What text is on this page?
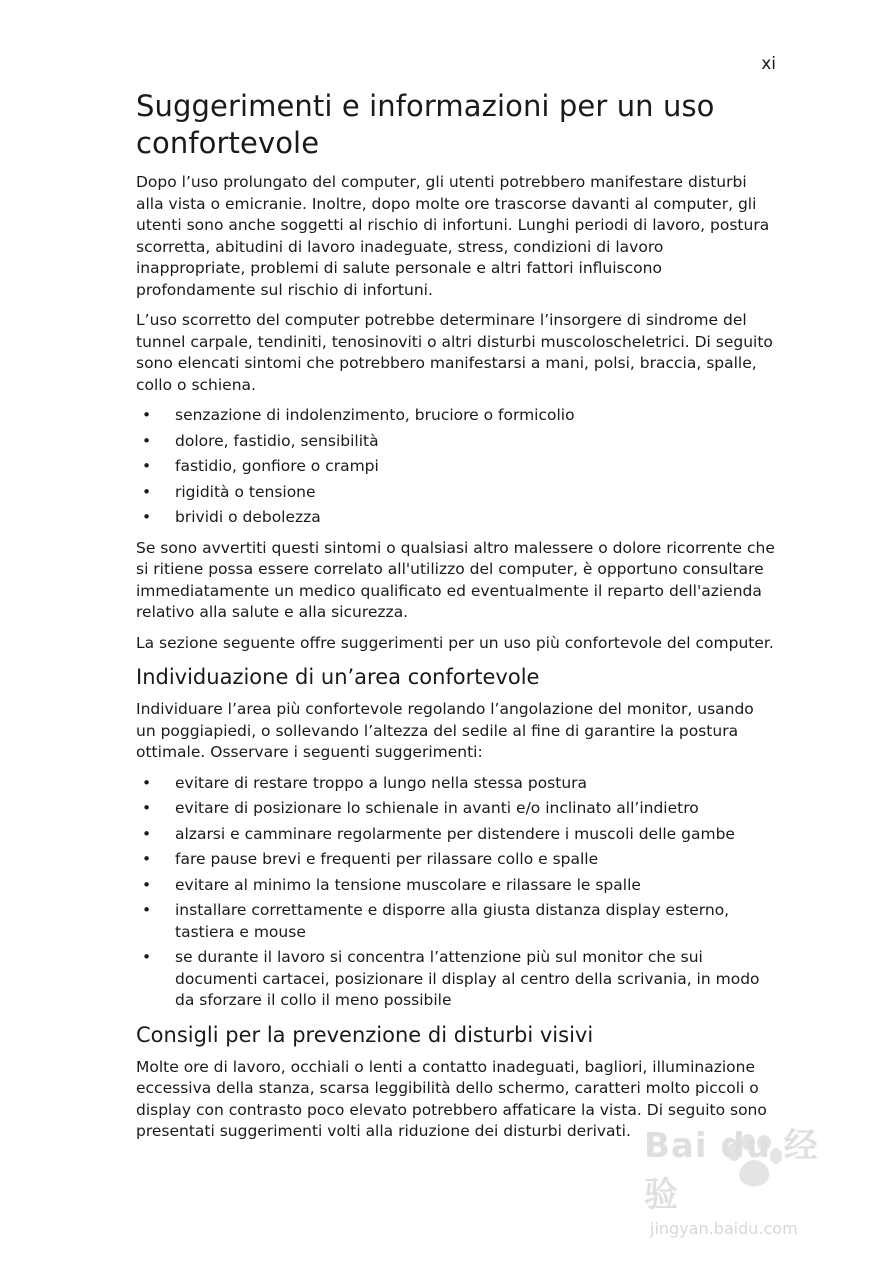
xi
Suggerimenti e informazioni per un uso confortevole

Dopo l’uso prolungato del computer, gli utenti potrebbero manifestare disturbi alla vista o emicranie. Inoltre, dopo molte ore trascorse davanti al computer, gli utenti sono anche soggetti al rischio di infortuni. Lunghi periodi di lavoro, postura scorretta, abitudini di lavoro inadeguate, stress, condizioni di lavoro inappropriate, problemi di salute personale e altri fattori influiscono profondamente sul rischio di infortuni.

L’uso scorretto del computer potrebbe determinare l’insorgere di sindrome del tunnel carpale, tendiniti, tenosinoviti o altri disturbi muscoloscheletrici. Di seguito sono elencati sintomi che potrebbero manifestarsi a mani, polsi, braccia, spalle, collo o schiena.

• senzazione di indolenzimento, bruciore o formicolio
• dolore, fastidio, sensibilità
• fastidio, gonfiore o crampi
• rigidità o tensione
• brividi o debolezza

Se sono avvertiti questi sintomi o qualsiasi altro malessere o dolore ricorrente che si ritiene possa essere correlato all'utilizzo del computer, è opportuno consultare immediatamente un medico qualificato ed eventualmente il reparto dell'azienda relativo alla salute e alla sicurezza.

La sezione seguente offre suggerimenti per un uso più confortevole del computer.

Individuazione di un’area confortevole

Individuare l’area più confortevole regolando l’angolazione del monitor, usando un poggiapiedi, o sollevando l’altezza del sedile al fine di garantire la postura ottimale. Osservare i seguenti suggerimenti:

• evitare di restare troppo a lungo nella stessa postura
• evitare di posizionare lo schienale in avanti e/o inclinato all’indietro
• alzarsi e camminare regolarmente per distendere i muscoli delle gambe
• fare pause brevi e frequenti per rilassare collo e spalle
• evitare al minimo la tensione muscolare e rilassare le spalle
• installare correttamente e disporre alla giusta distanza display esterno, tastiera e mouse
• se durante il lavoro si concentra l’attenzione più sul monitor che sui documenti cartacei, posizionare il display al centro della scrivania, in modo da sforzare il collo il meno possibile
Consigli per la prevenzione di disturbi visivi

Molte ore di lavoro, occhiali o lenti a contatto inadeguati, bagliori, illuminazione eccessiva della stanza, scarsa leggibilità dello schermo, caratteri molto piccoli o display con contrasto poco elevato potrebbero affaticare la vista. Di seguito sono presentati suggerimenti volti alla riduzione dei disturbi derivati. Bai du 经验
jingyan.baidu.com
